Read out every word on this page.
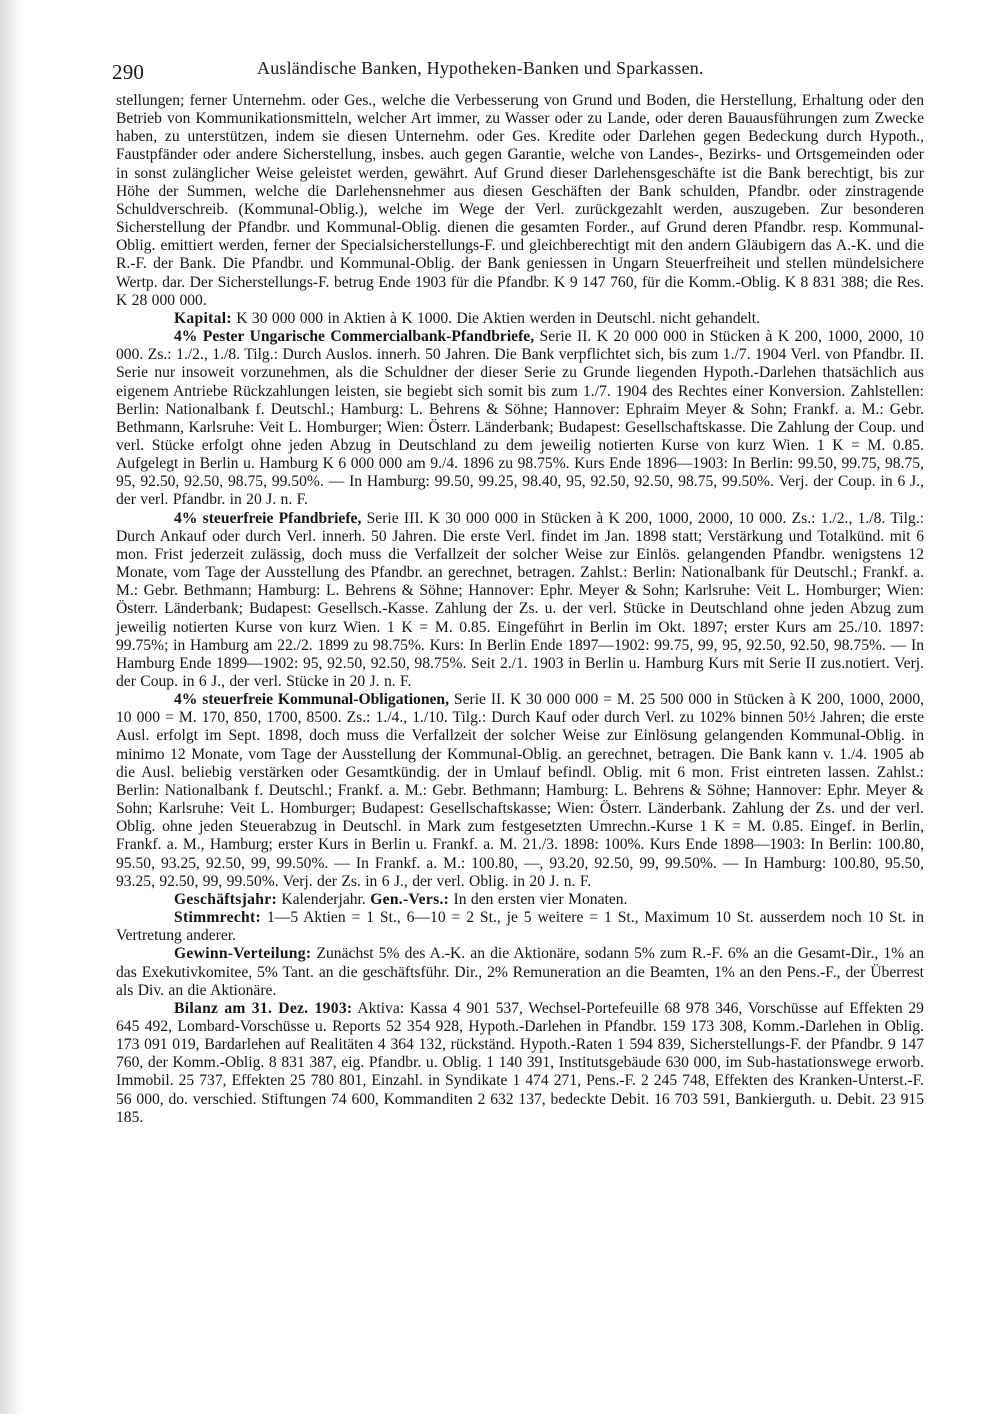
290	Ausländische Banken, Hypotheken-Banken und Sparkassen.

stellungen; ferner Unternehm. oder Ges., welche die Verbesserung von Grund und Boden, die Herstellung, Erhaltung oder den Betrieb von Kommunikationsmitteln, welcher Art immer, zu Wasser oder zu Lande, oder deren Bauausführungen zum Zwecke haben, zu unterstützen, indem sie diesen Unternehm. oder Ges. Kredite oder Darlehen gegen Bedeckung durch Hypoth., Faustpfänder oder andere Sicherstellung, insbes. auch gegen Garantie, welche von Landes-, Bezirks- und Ortsgemeinden oder in sonst zulänglicher Weise geleistet werden, gewährt. Auf Grund dieser Darlehensgeschäfte ist die Bank berechtigt, bis zur Höhe der Summen, welche die Darlehensnehmer aus diesen Geschäften der Bank schulden, Pfandbr. oder zinstragende Schuldverschreib. (Kommunal-Oblig.), welche im Wege der Verl. zurückgezahlt werden, auszugeben. Zur besonderen Sicherstellung der Pfandbr. und Kommunal-Oblig. dienen die gesamten Forder., auf Grund deren Pfandbr. resp. Kommunal-Oblig. emittiert werden, ferner der Specialsicherstellungs-F. und gleichberechtigt mit den andern Gläubigern das A.-K. und die R.-F. der Bank. Die Pfandbr. und Kommunal-Oblig. der Bank geniessen in Ungarn Steuerfreiheit und stellen mündelsichere Wertp. dar. Der Sicherstellungs-F. betrug Ende 1903 für die Pfandbr. K 9 147 760, für die Komm.-Oblig. K 8 831 388; die Res. K 28 000 000.

Kapital: K 30 000 000 in Aktien à K 1000. Die Aktien werden in Deutschl. nicht gehandelt.

4% Pester Ungarische Commercialbank-Pfandbriefe, Serie II. K 20 000 000 in Stücken à K 200, 1000, 2000, 10 000. Zs.: 1./2., 1./8. Tilg.: Durch Auslos. innerh. 50 Jahren. Die Bank verpflichtet sich, bis zum 1./7. 1904 Verl. von Pfandbr. II. Serie nur insoweit vorzunehmen, als die Schuldner der dieser Serie zu Grunde liegenden Hypoth.-Darlehen thatsächlich aus eigenem Antriebe Rückzahlungen leisten, sie begiebt sich somit bis zum 1./7. 1904 des Rechtes einer Konversion. Zahlstellen: Berlin: Nationalbank f. Deutschl.; Hamburg: L. Behrens & Söhne; Hannover: Ephraim Meyer & Sohn; Frankf. a. M.: Gebr. Bethmann, Karlsruhe: Veit L. Homburger; Wien: Österr. Länderbank; Budapest: Gesellschaftskasse. Die Zahlung der Coup. und verl. Stücke erfolgt ohne jeden Abzug in Deutschland zu dem jeweilig notierten Kurse von kurz Wien. 1 K = M. 0.85. Aufgelegt in Berlin u. Hamburg K 6 000 000 am 9./4. 1896 zu 98.75%. Kurs Ende 1896—1903: In Berlin: 99.50, 99.75, 98.75, 95, 92.50, 92.50, 98.75, 99.50%. — In Hamburg: 99.50, 99.25, 98.40, 95, 92.50, 92.50, 98.75, 99.50%. Verj. der Coup. in 6 J., der verl. Pfandbr. in 20 J. n. F.

4% steuerfreie Pfandbriefe, Serie III. K 30 000 000 in Stücken à K 200, 1000, 2000, 10 000. Zs.: 1./2., 1./8. Tilg.: Durch Ankauf oder durch Verl. innerh. 50 Jahren. Die erste Verl. findet im Jan. 1898 statt; Verstärkung und Totalkünd. mit 6 mon. Frist jederzeit zulässig, doch muss die Verfallzeit der solcher Weise zur Einlös. gelangenden Pfandbr. wenigstens 12 Monate, vom Tage der Ausstellung des Pfandbr. an gerechnet, betragen. Zahlst.: Berlin: Nationalbank für Deutschl.; Frankf. a. M.: Gebr. Bethmann; Hamburg: L. Behrens & Söhne; Hannover: Ephr. Meyer & Sohn; Karlsruhe: Veit L. Homburger; Wien: Österr. Länderbank; Budapest: Gesellsch.-Kasse. Zahlung der Zs. u. der verl. Stücke in Deutschland ohne jeden Abzug zum jeweilig notierten Kurse von kurz Wien. 1 K = M. 0.85. Eingeführt in Berlin im Okt. 1897; erster Kurs am 25./10. 1897: 99.75%; in Hamburg am 22./2. 1899 zu 98.75%. Kurs: In Berlin Ende 1897—1902: 99.75, 99, 95, 92.50, 92.50, 98.75%. — In Hamburg Ende 1899—1902: 95, 92.50, 92.50, 98.75%. Seit 2./1. 1903 in Berlin u. Hamburg Kurs mit Serie II zus.notiert. Verj. der Coup. in 6 J., der verl. Stücke in 20 J. n. F.

4% steuerfreie Kommunal-Obligationen, Serie II. K 30 000 000 = M. 25 500 000 in Stücken à K 200, 1000, 2000, 10 000 = M. 170, 850, 1700, 8500. Zs.: 1./4., 1./10. Tilg.: Durch Kauf oder durch Verl. zu 102% binnen 50½ Jahren; die erste Ausl. erfolgt im Sept. 1898, doch muss die Verfallzeit der solcher Weise zur Einlösung gelangenden Kommunal-Oblig. in minimo 12 Monate, vom Tage der Ausstellung der Kommunal-Oblig. an gerechnet, betragen. Die Bank kann v. 1./4. 1905 ab die Ausl. beliebig verstärken oder Gesamtkündig. der in Umlauf befindl. Oblig. mit 6 mon. Frist eintreten lassen. Zahlst.: Berlin: Nationalbank f. Deutschl.; Frankf. a. M.: Gebr. Bethmann; Hamburg: L. Behrens & Söhne; Hannover: Ephr. Meyer & Sohn; Karlsruhe: Veit L. Homburger; Budapest: Gesellschaftskasse; Wien: Österr. Länderbank. Zahlung der Zs. und der verl. Oblig. ohne jeden Steuerabzug in Deutschl. in Mark zum festgesetzten Umrechn.-Kurse 1 K = M. 0.85. Eingef. in Berlin, Frankf. a. M., Hamburg; erster Kurs in Berlin u. Frankf. a. M. 21./3. 1898: 100%. Kurs Ende 1898—1903: In Berlin: 100.80, 95.50, 93.25, 92.50, 99, 99.50%. — In Frankf. a. M.: 100.80, —, 93.20, 92.50, 99, 99.50%. — In Hamburg: 100.80, 95.50, 93.25, 92.50, 99, 99.50%. Verj. der Zs. in 6 J., der verl. Oblig. in 20 J. n. F.

Geschäftsjahr: Kalenderjahr. Gen.-Vers.: In den ersten vier Monaten.

Stimmrecht: 1—5 Aktien = 1 St., 6—10 = 2 St., je 5 weitere = 1 St., Maximum 10 St. ausserdem noch 10 St. in Vertretung anderer.

Gewinn-Verteilung: Zunächst 5% des A.-K. an die Aktionäre, sodann 5% zum R.-F. 6% an die Gesamt-Dir., 1% an das Exekutivkomitee, 5% Tant. an die geschäftsführ. Dir., 2% Remuneration an die Beamten, 1% an den Pens.-F., der Überrest als Div. an die Aktionäre.

Bilanz am 31. Dez. 1903: Aktiva: Kassa 4 901 537, Wechsel-Portefeuille 68 978 346, Vorschüsse auf Effekten 29 645 492, Lombard-Vorschüsse u. Reports 52 354 928, Hypoth.-Darlehen in Pfandbr. 159 173 308, Komm.-Darlehen in Oblig. 173 091 019, Bardarlehen auf Realitäten 4 364 132, rückständ. Hypoth.-Raten 1 594 839, Sicherstellungs-F. der Pfandbr. 9 147 760, der Komm.-Oblig. 8 831 387, eig. Pfandbr. u. Oblig. 1 140 391, Institutsgebäude 630 000, im Sub-hastationswege erworb. Immobil. 25 737, Effekten 25 780 801, Einzahl. in Syndikate 1 474 271, Pens.-F. 2 245 748, Effekten des Kranken-Unterst.-F. 56 000, do. verschied. Stiftungen 74 600, Kommanditen 2 632 137, bedeckte Debit. 16 703 591, Bankierguth. u. Debit. 23 915 185.
